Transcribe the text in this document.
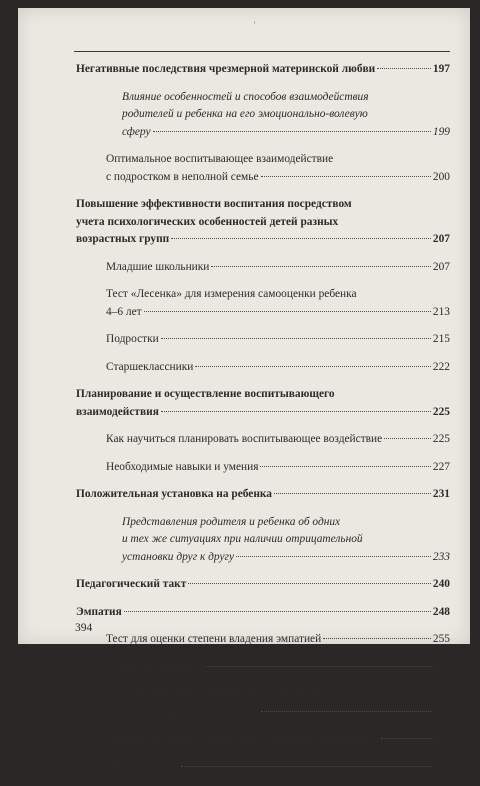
’
Негативные последствия чрезмерной материнской любви	197
Влияние особенностей и способов взаимодействия
родителей и ребенка на его эмоционально-волевую
сферу	199
Оптимальное воспитывающее взаимодействие
с подростком в неполной семье	200
Повышение эффективности воспитания посредством
учета психологических особенностей детей разных
возрастных групп	207
Младшие школьники	207
Тест «Лесенка» для измерения самооценки ребенка
4–6 лет	213
Подростки	215
Старшеклассники	222
Планирование и осуществление воспитывающего
взаимодействия	225
Как научиться планировать воспитывающее воздействие	225
Необходимые навыки и умения	227
Положительная установка на ребенка	231
Представления родителя и ребенка об одних
и тех же ситуациях при наличии отрицательной
установки друг к другу	233
Педагогический такт	240
Эмпатия	248
Тест для оценки степени владения эмпатией	255
Семейные тренинги	259
Особенности решения проблем при помощи
лавирования и партнерства	261
Методы усиления убеждающего воздействие на ребенка	262
Метод Сократа	267
394
